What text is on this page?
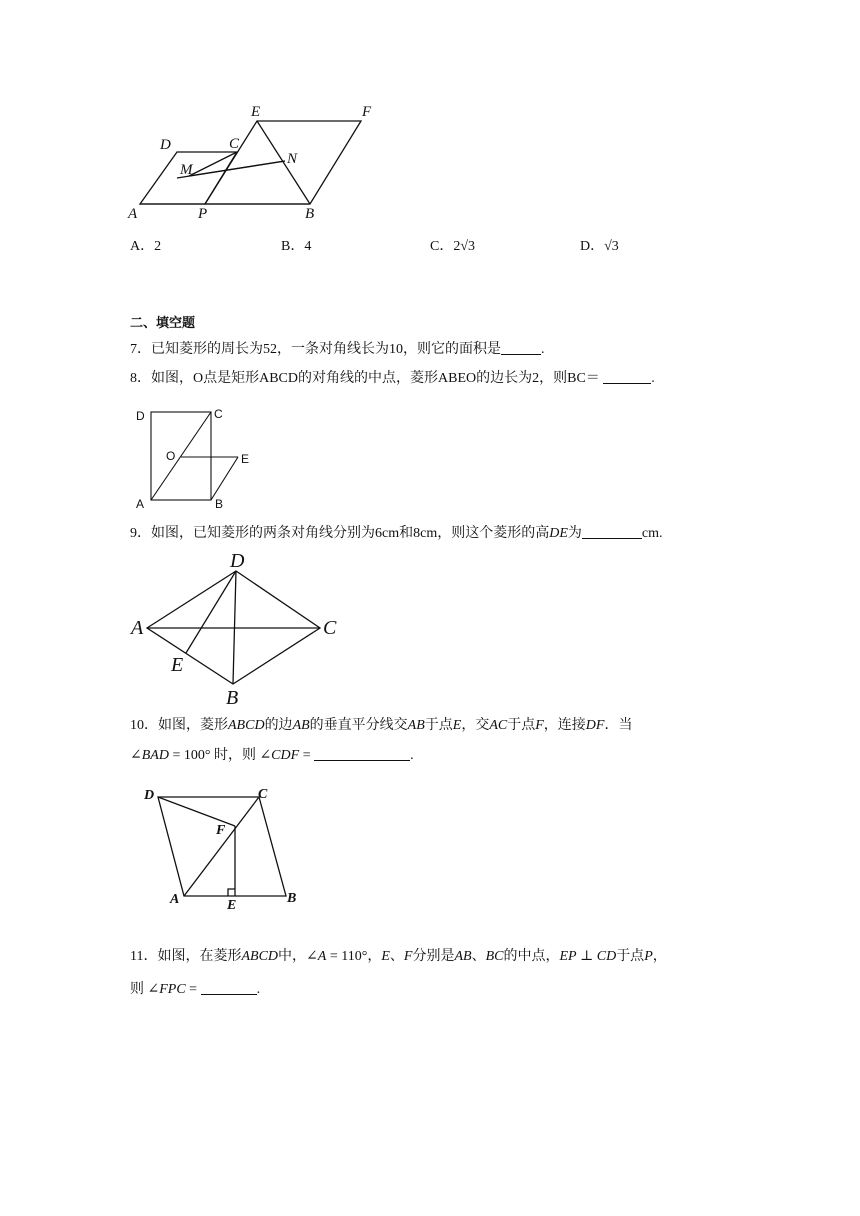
A	P	B
D	C
E	F
M
N
A．2	B．4	C．2√3	D．√3
二、填空题
7．已知菱形的周长为52，一条对角线长为10，则它的面积是	.
8．如图，O点是矩形ABCD的对角线的中点，菱形ABEO的边长为2，则BC＝	.
D	C
O	E
A	B
9．如图，已知菱形的两条对角线分别为6cm和8cm，则这个菱形的高DE为	cm.
A
D
C
B
E
10．如图，菱形ABCD的边AB的垂直平分线交AB于点E，交AC于点F，连接DF．当
∠BAD = 100° 时，则 ∠CDF =	.
D	C
F
A	E	B
11．如图，在菱形ABCD中，∠A = 110°，E、F分别是AB、BC的中点，EP ⊥ CD于点P，
则 ∠FPC =	.
